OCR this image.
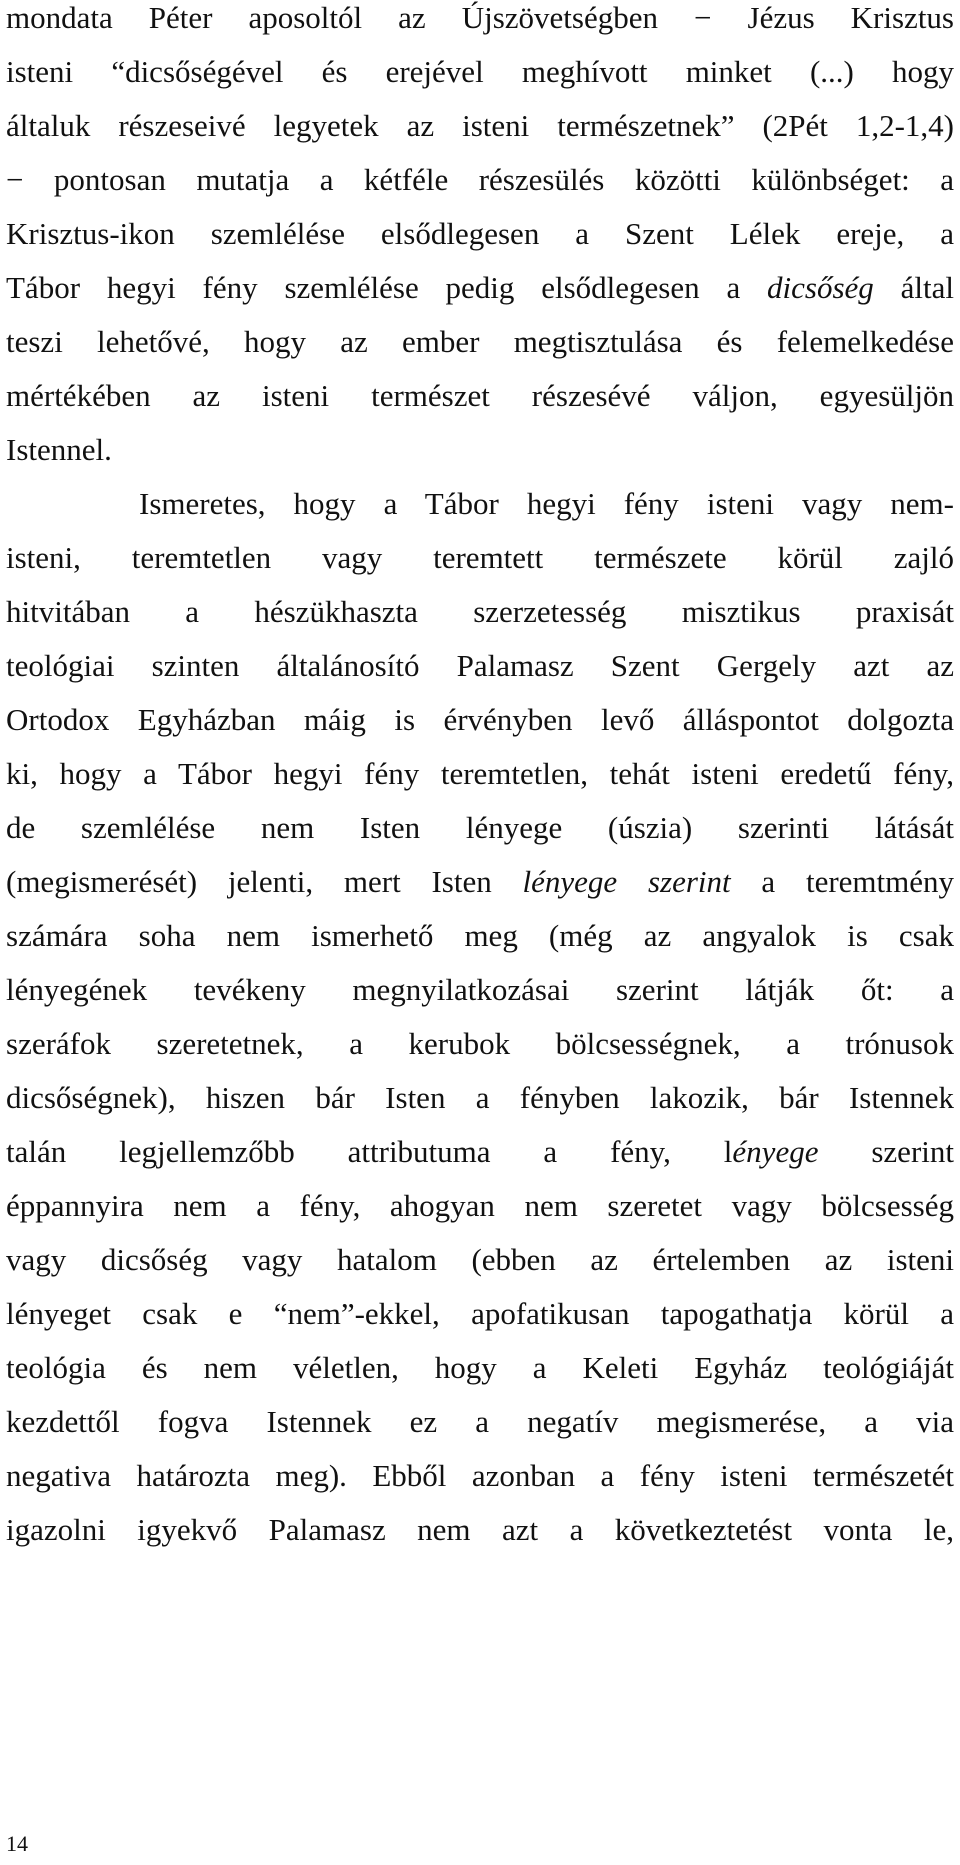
mondata Péter aposoltól az Újszövetségben − Jézus Krisztus
isteni “dicsőségével és erejével meghívott minket (...) hogy
általuk részeseivé legyetek az isteni természetnek” (2Pét 1,2-1,4)
− pontosan mutatja a kétféle részesülés közötti különbséget: a
Krisztus-ikon szemlélése elsődlegesen a Szent Lélek ereje, a
Tábor hegyi fény szemlélése pedig elsődlegesen a dicsőség által
teszi lehetővé, hogy az ember megtisztulása és felemelkedése
mértékében az isteni természet részesévé váljon, egyesüljön
Istennel.
Ismeretes, hogy a Tábor hegyi fény isteni vagy nem-
isteni, teremtetlen vagy teremtett természete körül zajló
hitvitában a hészükhaszta szerzetesség misztikus praxisát
teológiai szinten általánosító Palamasz Szent Gergely azt az
Ortodox Egyházban máig is érvényben levő álláspontot dolgozta
ki, hogy a Tábor hegyi fény teremtetlen, tehát isteni eredetű fény,
de szemlélése nem Isten lényege (úszia) szerinti látását
(megismerését) jelenti, mert Isten lényege szerint a teremtmény
számára soha nem ismerhető meg (még az angyalok is csak
lényegének tevékeny megnyilatkozásai szerint látják őt: a
szeráfok szeretetnek, a kerubok bölcsességnek, a trónusok
dicsőségnek), hiszen bár Isten a fényben lakozik, bár Istennek
talán legjellemzőbb attributuma a fény, lényege szerint
éppannyira nem a fény, ahogyan nem szeretet vagy bölcsesség
vagy dicsőség vagy hatalom (ebben az értelemben az isteni
lényeget csak e “nem”-ekkel, apofatikusan tapogathatja körül a
teológia és nem véletlen, hogy a Keleti Egyház teológiáját
kezdettől fogva Istennek ez a negatív megismerése, a via
negativa határozta meg). Ebből azonban a fény isteni természetét
igazolni igyekvő Palamasz nem azt a következtetést vonta le,
14
